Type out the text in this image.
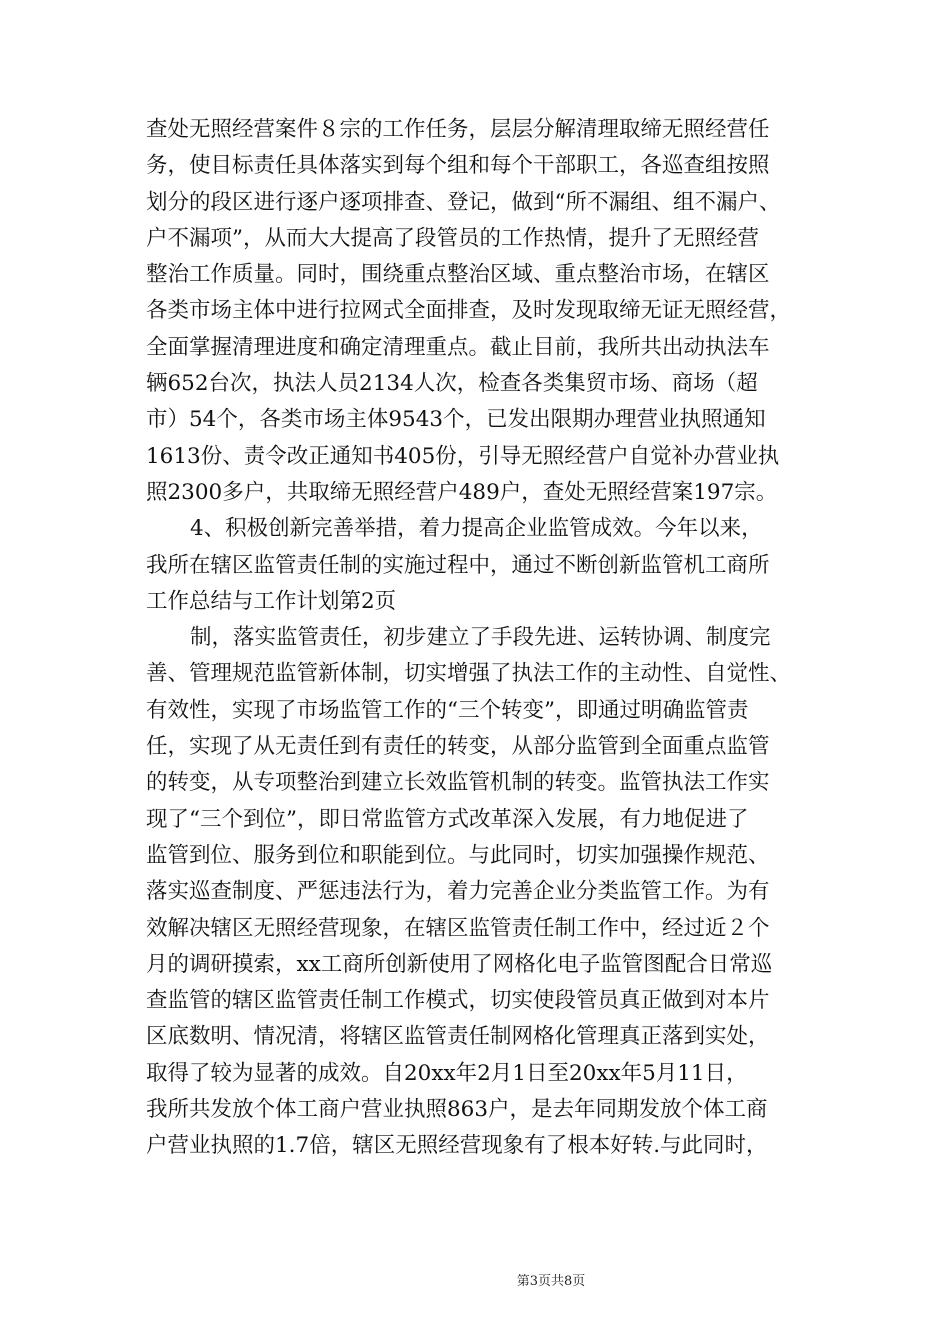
查处无照经营案件８宗的工作任务，层层分解清理取缔无照经营任
务，使目标责任具体落实到每个组和每个干部职工，各巡查组按照
划分的段区进行逐户逐项排查、登记，做到“所不漏组、组不漏户、
户不漏项”，从而大大提高了段管员的工作热情，提升了无照经营
整治工作质量。同时，围绕重点整治区域、重点整治市场，在辖区
各类市场主体中进行拉网式全面排查，及时发现取缔无证无照经营，
全面掌握清理进度和确定清理重点。截止目前，我所共出动执法车
辆652台次，执法人员2134人次，检查各类集贸市场、商场（超
市）54个，各类市场主体9543个，已发出限期办理营业执照通知
1613份、责令改正通知书405份，引导无照经营户自觉补办营业执
照2300多户，共取缔无照经营户489户，查处无照经营案197宗。
4、积极创新完善举措，着力提高企业监管成效。今年以来，
我所在辖区监管责任制的实施过程中，通过不断创新监管机工商所
工作总结与工作计划第2页
制，落实监管责任，初步建立了手段先进、运转协调、制度完
善、管理规范监管新体制，切实增强了执法工作的主动性、自觉性、
有效性，实现了市场监管工作的“三个转变”，即通过明确监管责
任，实现了从无责任到有责任的转变，从部分监管到全面重点监管
的转变，从专项整治到建立长效监管机制的转变。监管执法工作实
现了“三个到位”，即日常监管方式改革深入发展，有力地促进了
监管到位、服务到位和职能到位。与此同时，切实加强操作规范、
落实巡查制度、严惩违法行为，着力完善企业分类监管工作。为有
效解决辖区无照经营现象，在辖区监管责任制工作中，经过近２个
月的调研摸索，xx工商所创新使用了网格化电子监管图配合日常巡
查监管的辖区监管责任制工作模式，切实使段管员真正做到对本片
区底数明、情况清，将辖区监管责任制网格化管理真正落到实处，
取得了较为显著的成效。自20xx年2月1日至20xx年5月11日，
我所共发放个体工商户营业执照863户，是去年同期发放个体工商
户营业执照的1.7倍，辖区无照经营现象有了根本好转.与此同时，
第3页共8页
